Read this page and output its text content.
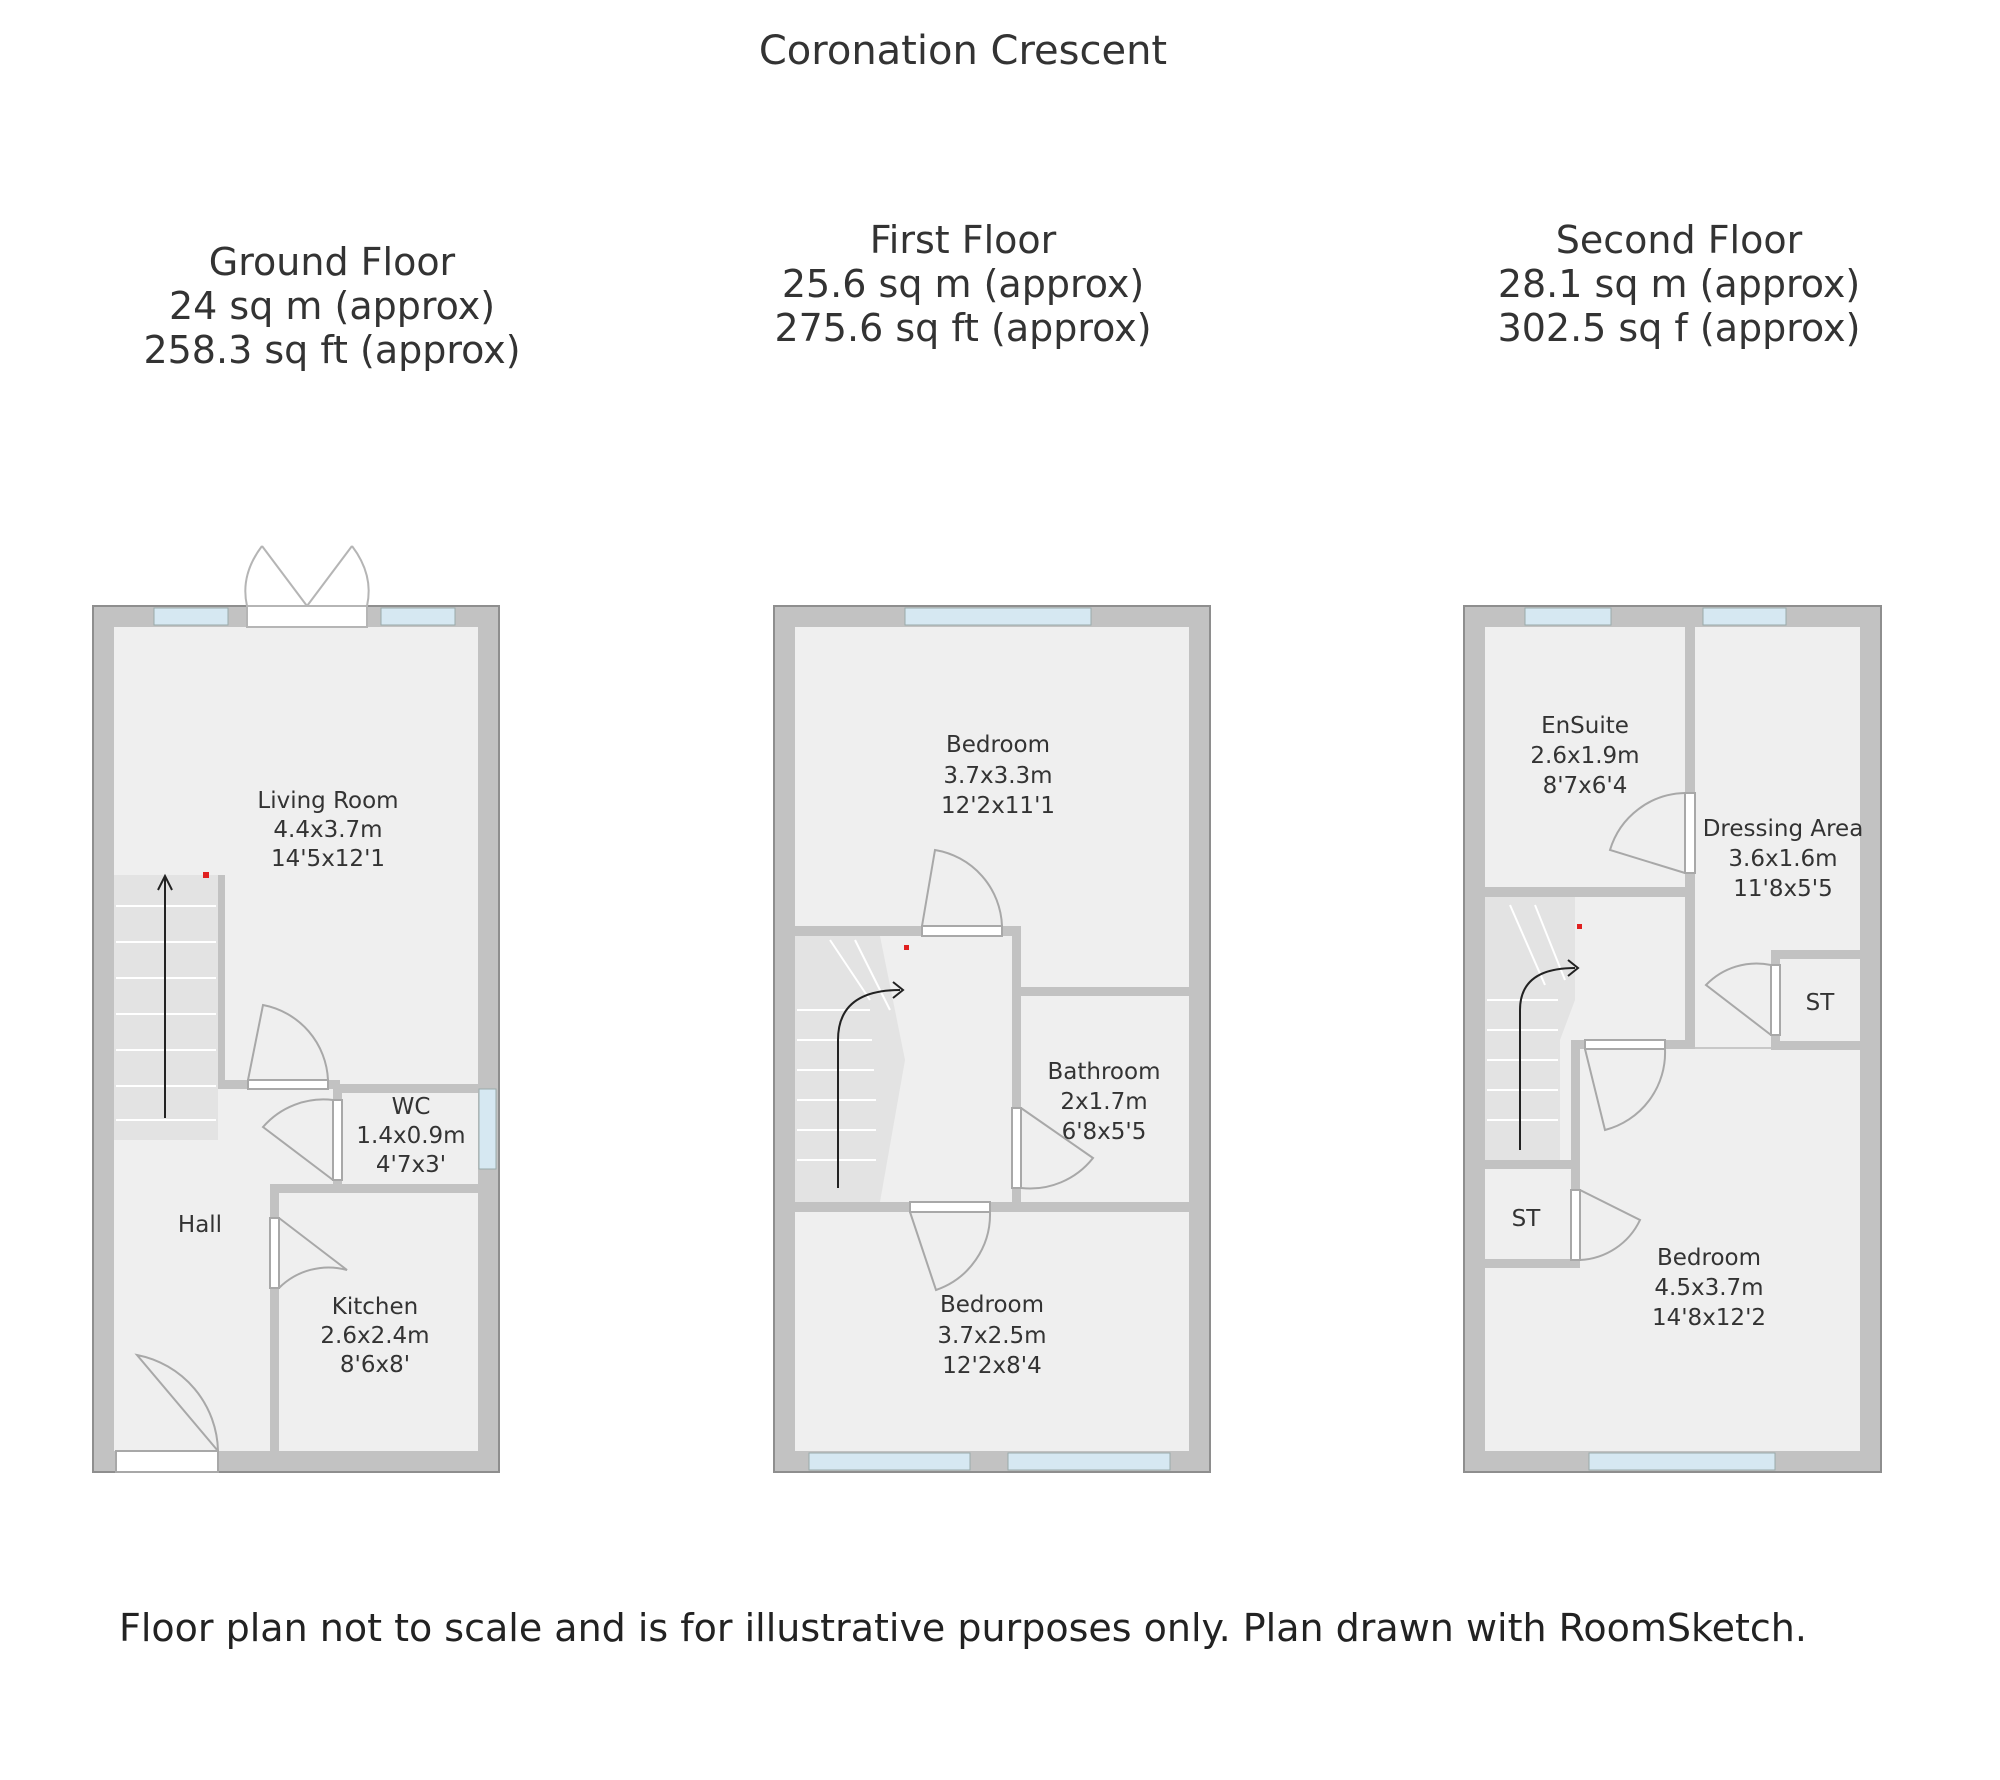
Coronation Crescent
Ground Floor
24 sq m (approx)
258.3 sq ft (approx)
First Floor
25.6 sq m (approx)
275.6 sq ft (approx)
Second Floor
28.1 sq m (approx)
302.5 sq f (approx)
Living Room
4.4x3.7m
14'5x12'1
WC
1.4x0.9m
4'7x3'
Hall
Kitchen
2.6x2.4m
8'6x8'
Bedroom
3.7x3.3m
12'2x11'1
Bathroom
2x1.7m
6'8x5'5
Bedroom
3.7x2.5m
12'2x8'4
EnSuite
2.6x1.9m
8'7x6'4
Dressing Area
3.6x1.6m
11'8x5'5
ST
ST
Bedroom
4.5x3.7m
14'8x12'2
Floor plan not to scale and is for illustrative purposes only. Plan drawn with RoomSketch.
